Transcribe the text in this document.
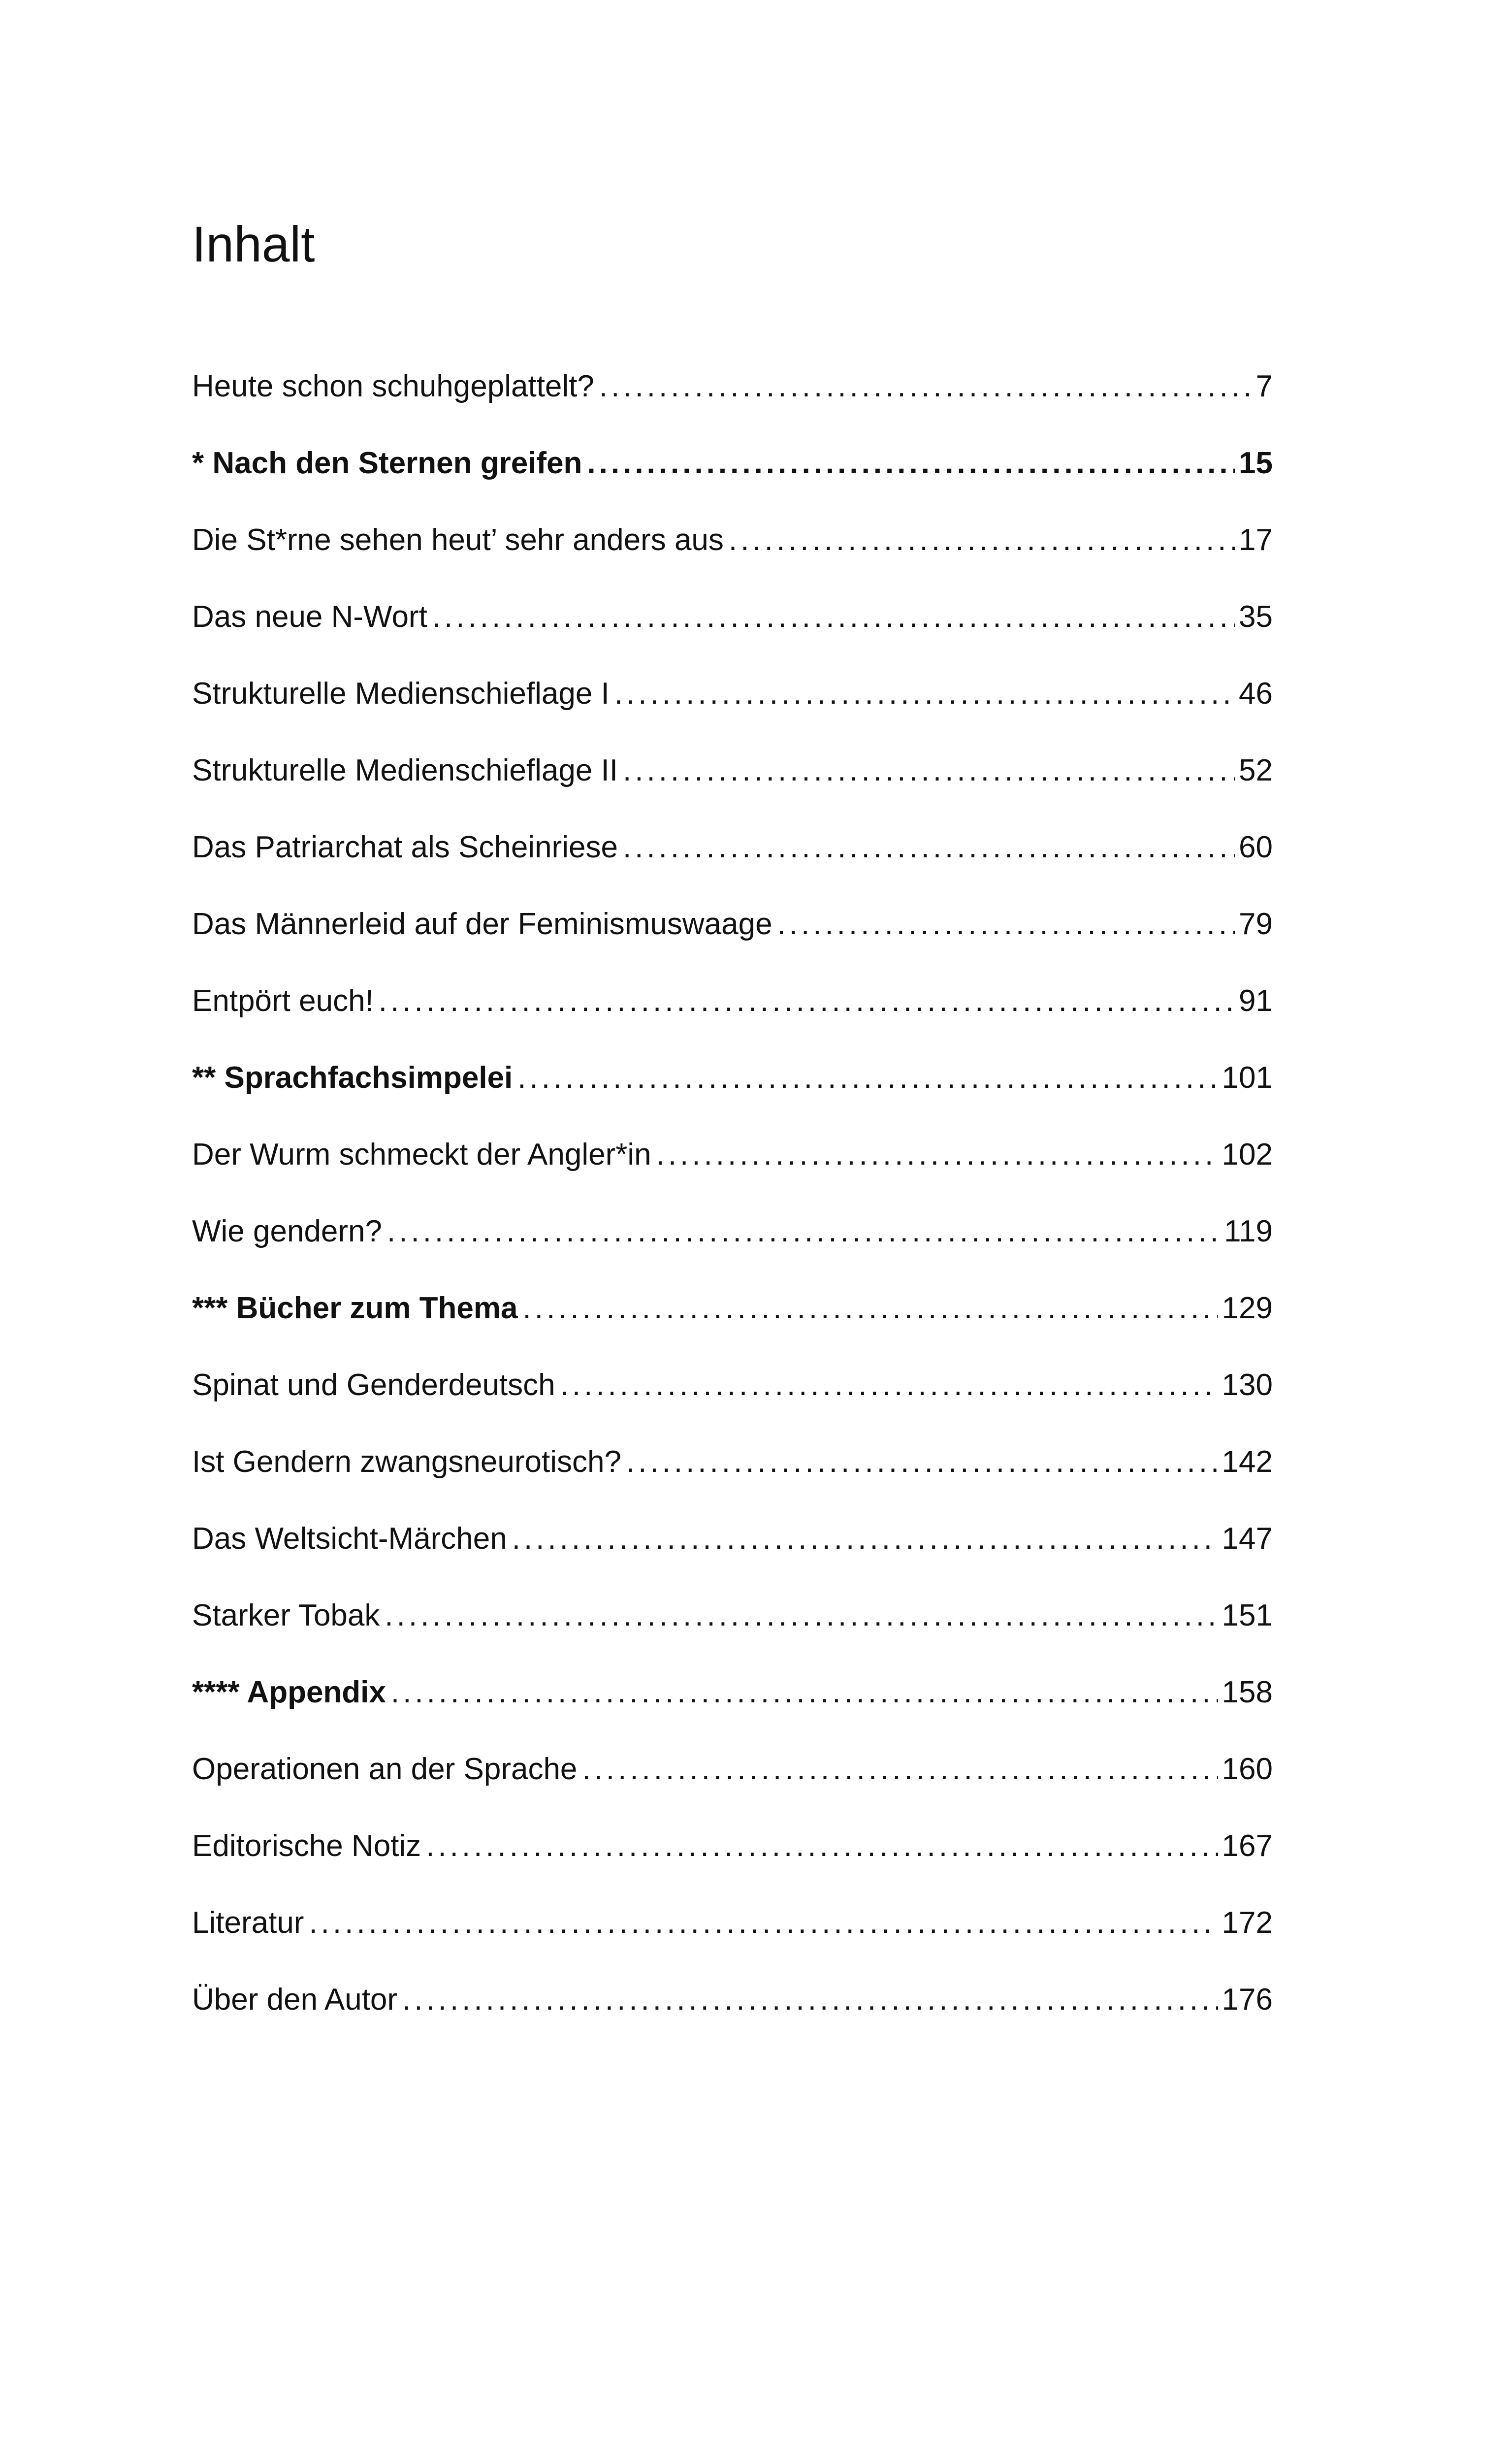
Inhalt
Heute schon schuhgeplattelt? .....	7
* Nach den Sternen greifen .....	15
Die St*rne sehen heut’ sehr anders aus .....	17
Das neue N-Wort .....	35
Strukturelle Medienschieflage I .....	46
Strukturelle Medienschieflage II .....	52
Das Patriarchat als Scheinriese .....	60
Das Männerleid auf der Feminismuswaage .....	79
Entpört euch! .....	91
** Sprachfachsimpelei .....	101
Der Wurm schmeckt der Angler*in .....	102
Wie gendern? .....	119
*** Bücher zum Thema .....	129
Spinat und Genderdeutsch .....	130
Ist Gendern zwangsneurotisch? .....	142
Das Weltsicht-Märchen .....	147
Starker Tobak .....	151
**** Appendix .....	158
Operationen an der Sprache .....	160
Editorische Notiz .....	167
Literatur .....	172
Über den Autor .....	176
